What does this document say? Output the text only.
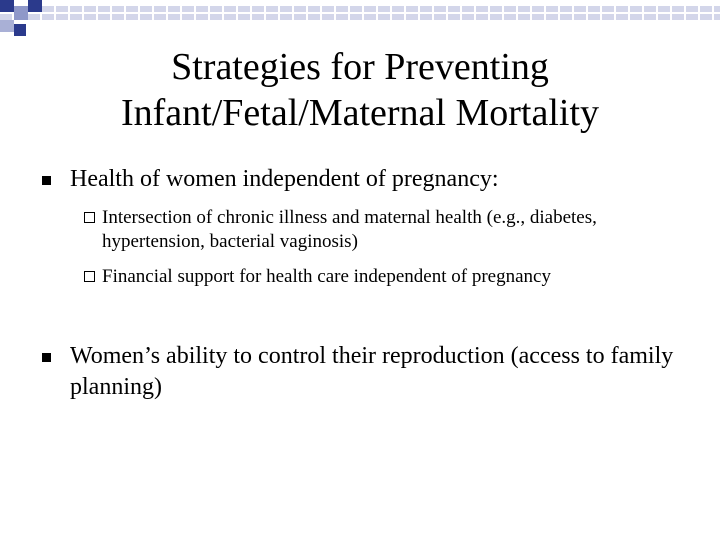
Strategies for Preventing
Infant/Fetal/Maternal Mortality
Health of women independent of pregnancy:
Intersection of chronic illness and maternal health (e.g., diabetes, hypertension, bacterial vaginosis)
Financial support for health care independent of pregnancy
Women’s ability to control their reproduction (access to family planning)
